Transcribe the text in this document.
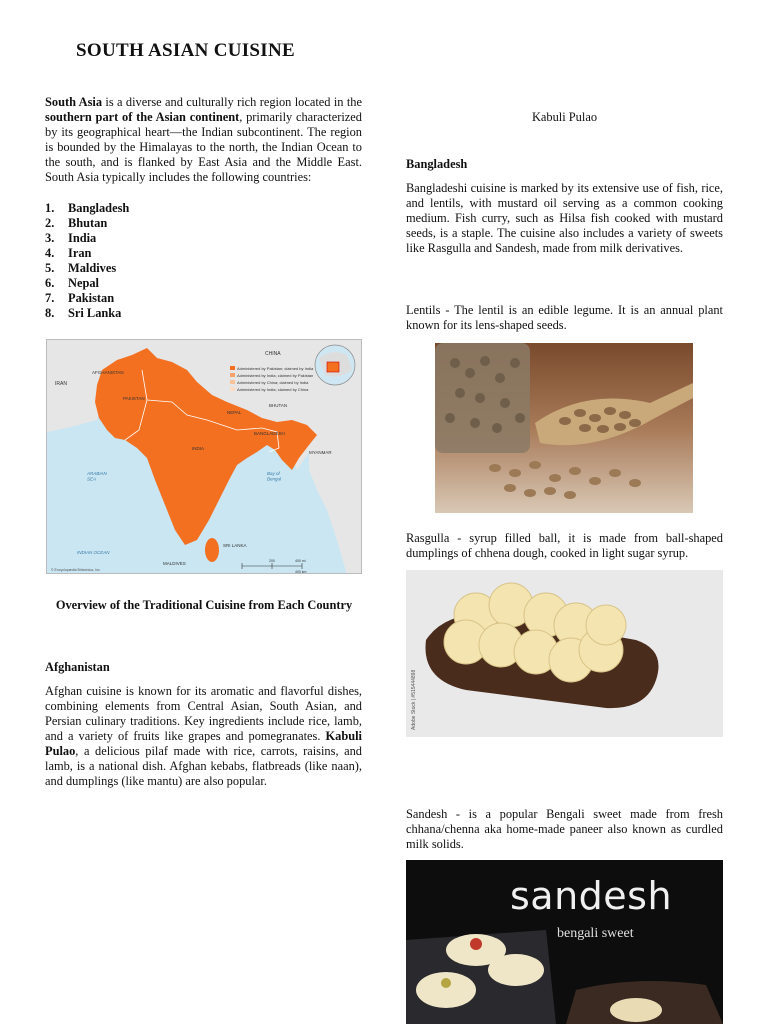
SOUTH ASIAN CUISINE

South Asia is a diverse and culturally rich region located in the southern part of the Asian continent, primarily characterized by its geographical heart—the Indian subcontinent. The region is bounded by the Himalayas to the north, the Indian Ocean to the south, and is flanked by East Asia and the Middle East. South Asia typically includes the following countries:

1.	Bangladesh
2.	Bhutan
3.	India
4.	Iran
5.	Maldives
6.	Nepal
7.	Pakistan
8.	Sri Lanka
Administered by Pakistan; claimed by India
Administered by India; claimed by Pakistan
Administered by China; claimed by India
Administered by India; claimed by China
CHINA
AFGHANISTAN
IRAN
PAKISTAN
NEPAL
BHUTAN
BANGLADESH
INDIA
MYANMAR
ARABIAN SEA
Bay of Bengal
INDIAN OCEAN
SRI LANKA
MALDIVES
© Encyclopædia Britannica, Inc.
200	400 mi
400 km
Overview of the Traditional Cuisine from Each Country
Afghanistan

Afghan cuisine is known for its aromatic and flavorful dishes, combining elements from Central Asian, South Asian, and Persian culinary traditions. Key ingredients include rice, lamb, and a variety of fruits like grapes and pomegranates. Kabuli Pulao, a delicious pilaf made with rice, carrots, raisins, and lamb, is a national dish. Afghan kebabs, flatbreads (like naan), and dumplings (like mantu) are also popular.

Kabuli Pulao
Bangladesh

Bangladeshi cuisine is marked by its extensive use of fish, rice, and lentils, with mustard oil serving as a common cooking medium. Fish curry, such as Hilsa fish cooked with mustard seeds, is a staple. The cuisine also includes a variety of sweets like Rasgulla and Sandesh, made from milk derivatives.

Lentils - The lentil is an edible legume. It is an annual plant known for its lens-shaped seeds.

Rasgulla - syrup filled ball, it is made from ball-shaped dumplings of chhena dough, cooked in light sugar syrup.

Adobe Stock | #515444898

Sandesh - is a popular Bengali sweet made from fresh chhana/chenna aka home-made paneer also known as curdled milk solids.

sandesh
bengali sweet
